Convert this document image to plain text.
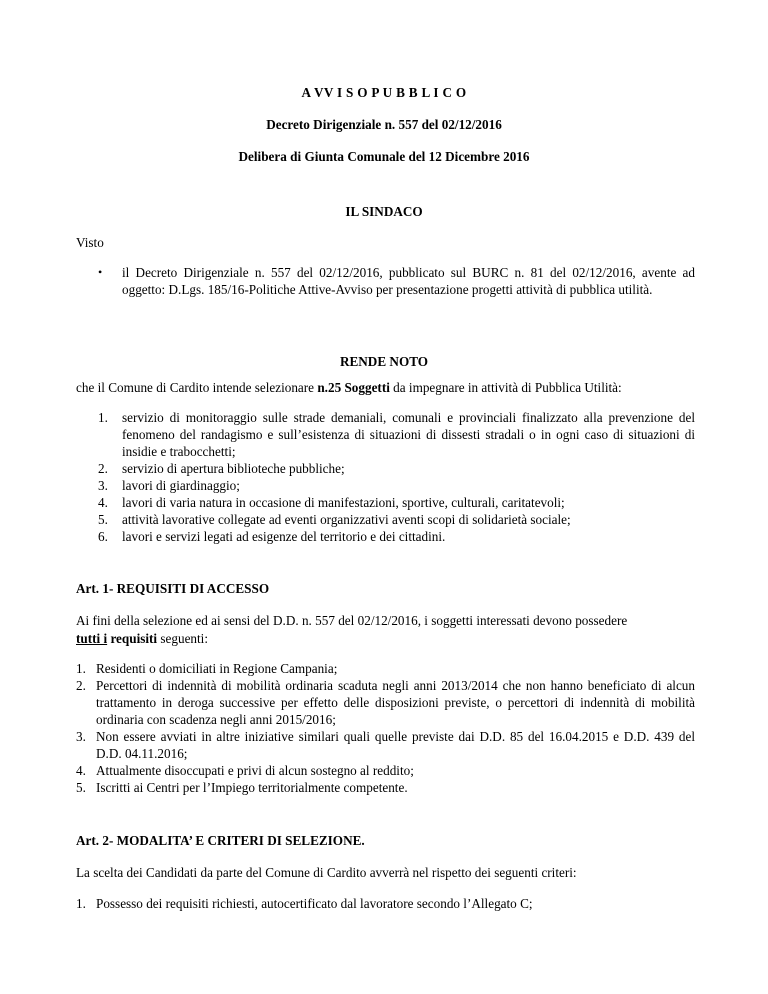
A VV I S O P U B B L I C O
Decreto Dirigenziale n. 557 del 02/12/2016
Delibera di Giunta Comunale del 12 Dicembre 2016
IL SINDACO
Visto
• il Decreto Dirigenziale n. 557 del 02/12/2016, pubblicato sul BURC n. 81 del 02/12/2016, avente ad oggetto: D.Lgs. 185/16-Politiche Attive-Avviso per presentazione progetti attività di pubblica utilità.
RENDE NOTO
che il Comune di Cardito intende selezionare n.25 Soggetti da impegnare in attività di Pubblica Utilità:
1. servizio di monitoraggio sulle strade demaniali, comunali e provinciali finalizzato alla prevenzione del fenomeno del randagismo e sull’esistenza di situazioni di dissesti stradali o in ogni caso di situazioni di insidie e trabocchetti;
2. servizio di apertura biblioteche pubbliche;
3. lavori di giardinaggio;
4. lavori di varia natura in occasione di manifestazioni, sportive, culturali, caritatevoli;
5. attività lavorative collegate ad eventi organizzativi aventi scopi di solidarietà sociale;
6. lavori e servizi legati ad esigenze del territorio e dei cittadini.
Art. 1- REQUISITI DI ACCESSO
Ai fini della selezione ed ai sensi del D.D. n. 557 del 02/12/2016, i soggetti interessati devono possedere
tutti i requisiti seguenti:
1. Residenti o domiciliati in Regione Campania;
2. Percettori di indennità di mobilità ordinaria scaduta negli anni 2013/2014 che non hanno beneficiato di alcun trattamento in deroga successive per effetto delle disposizioni previste, o percettori di indennità di mobilità ordinaria con scadenza negli anni 2015/2016;
3. Non essere avviati in altre iniziative similari quali quelle previste dai D.D. 85 del 16.04.2015 e D.D. 439 del D.D. 04.11.2016;
4. Attualmente disoccupati e privi di alcun sostegno al reddito;
5. Iscritti ai Centri per l’Impiego territorialmente competente.
Art. 2- MODALITA’ E CRITERI DI SELEZIONE.
La scelta dei Candidati da parte del Comune di Cardito avverrà nel rispetto dei seguenti criteri:
1. Possesso dei requisiti richiesti, autocertificato dal lavoratore secondo l’Allegato C;
